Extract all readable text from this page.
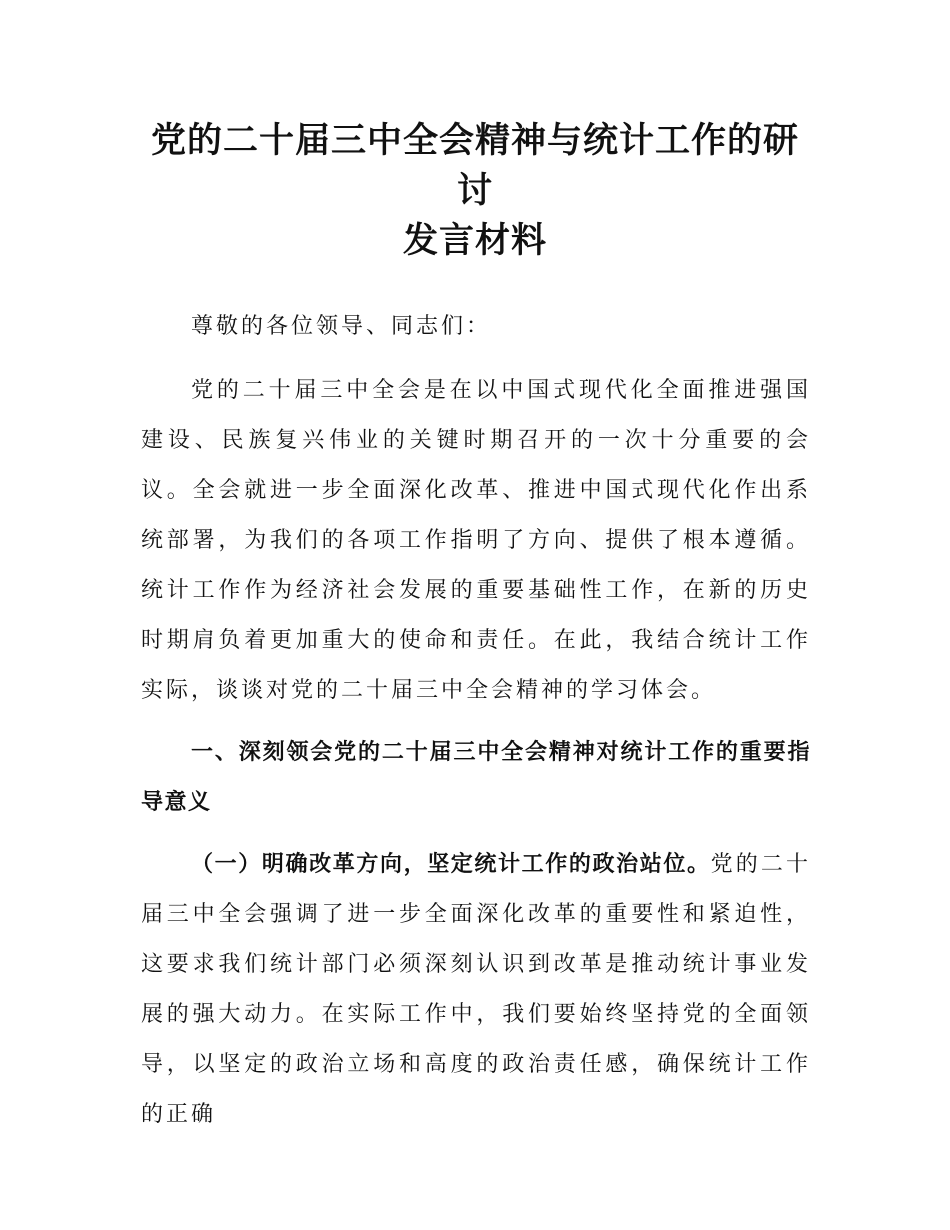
党的二十届三中全会精神与统计工作的研讨
发言材料

尊敬的各位领导、同志们：

党的二十届三中全会是在以中国式现代化全面推进强国建设、民族复兴伟业的关键时期召开的一次十分重要的会议。全会就进一步全面深化改革、推进中国式现代化作出系统部署，为我们的各项工作指明了方向、提供了根本遵循。统计工作作为经济社会发展的重要基础性工作，在新的历史时期肩负着更加重大的使命和责任。在此，我结合统计工作实际，谈谈对党的二十届三中全会精神的学习体会。

一、深刻领会党的二十届三中全会精神对统计工作的重要指导意义

（一）明确改革方向，坚定统计工作的政治站位。党的二十届三中全会强调了进一步全面深化改革的重要性和紧迫性，这要求我们统计部门必须深刻认识到改革是推动统计事业发展的强大动力。在实际工作中，我们要始终坚持党的全面领导，以坚定的政治立场和高度的政治责任感，确保统计工作的正确
